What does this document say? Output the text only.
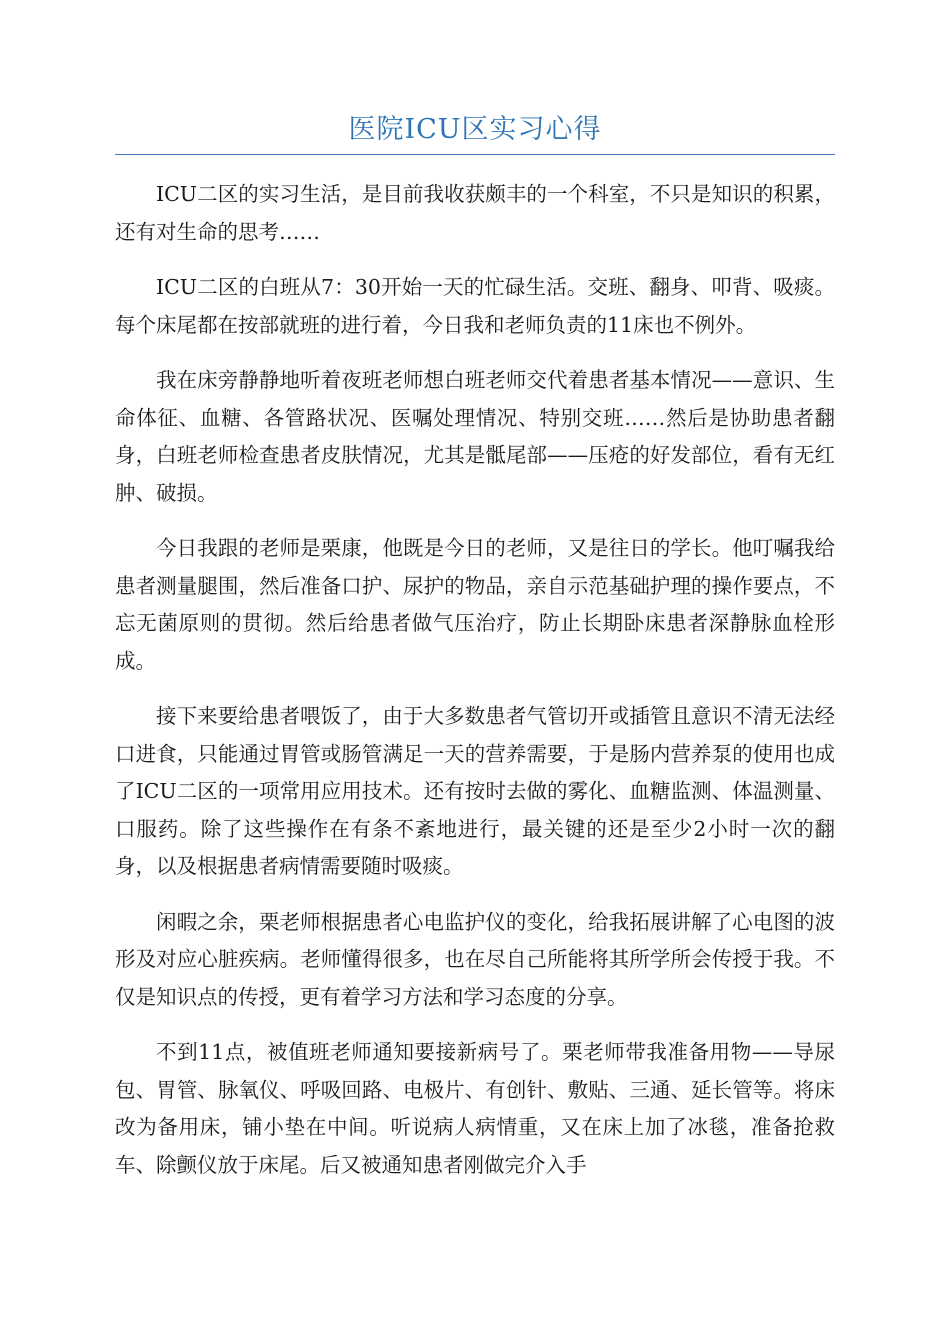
医院ICU区实习心得

ICU二区的实习生活，是目前我收获颇丰的一个科室，不只是知识的积累，还有对生命的思考……

ICU二区的白班从7：30开始一天的忙碌生活。交班、翻身、叩背、吸痰。每个床尾都在按部就班的进行着，今日我和老师负责的11床也不例外。

我在床旁静静地听着夜班老师想白班老师交代着患者基本情况——意识、生命体征、血糖、各管路状况、医嘱处理情况、特别交班……然后是协助患者翻身，白班老师检查患者皮肤情况，尤其是骶尾部——压疮的好发部位，看有无红肿、破损。

今日我跟的老师是栗康，他既是今日的老师，又是往日的学长。他叮嘱我给患者测量腿围，然后准备口护、尿护的物品，亲自示范基础护理的操作要点，不忘无菌原则的贯彻。然后给患者做气压治疗，防止长期卧床患者深静脉血栓形成。

接下来要给患者喂饭了，由于大多数患者气管切开或插管且意识不清无法经口进食，只能通过胃管或肠管满足一天的营养需要，于是肠内营养泵的使用也成了ICU二区的一项常用应用技术。还有按时去做的雾化、血糖监测、体温测量、口服药。除了这些操作在有条不紊地进行，最关键的还是至少2小时一次的翻身，以及根据患者病情需要随时吸痰。

闲暇之余，栗老师根据患者心电监护仪的变化，给我拓展讲解了心电图的波形及对应心脏疾病。老师懂得很多，也在尽自己所能将其所学所会传授于我。不仅是知识点的传授，更有着学习方法和学习态度的分享。

不到11点，被值班老师通知要接新病号了。栗老师带我准备用物——导尿包、胃管、脉氧仪、呼吸回路、电极片、有创针、敷贴、三通、延长管等。将床改为备用床，铺小垫在中间。听说病人病情重，又在床上加了冰毯，准备抢救车、除颤仪放于床尾。后又被通知患者刚做完介入手
